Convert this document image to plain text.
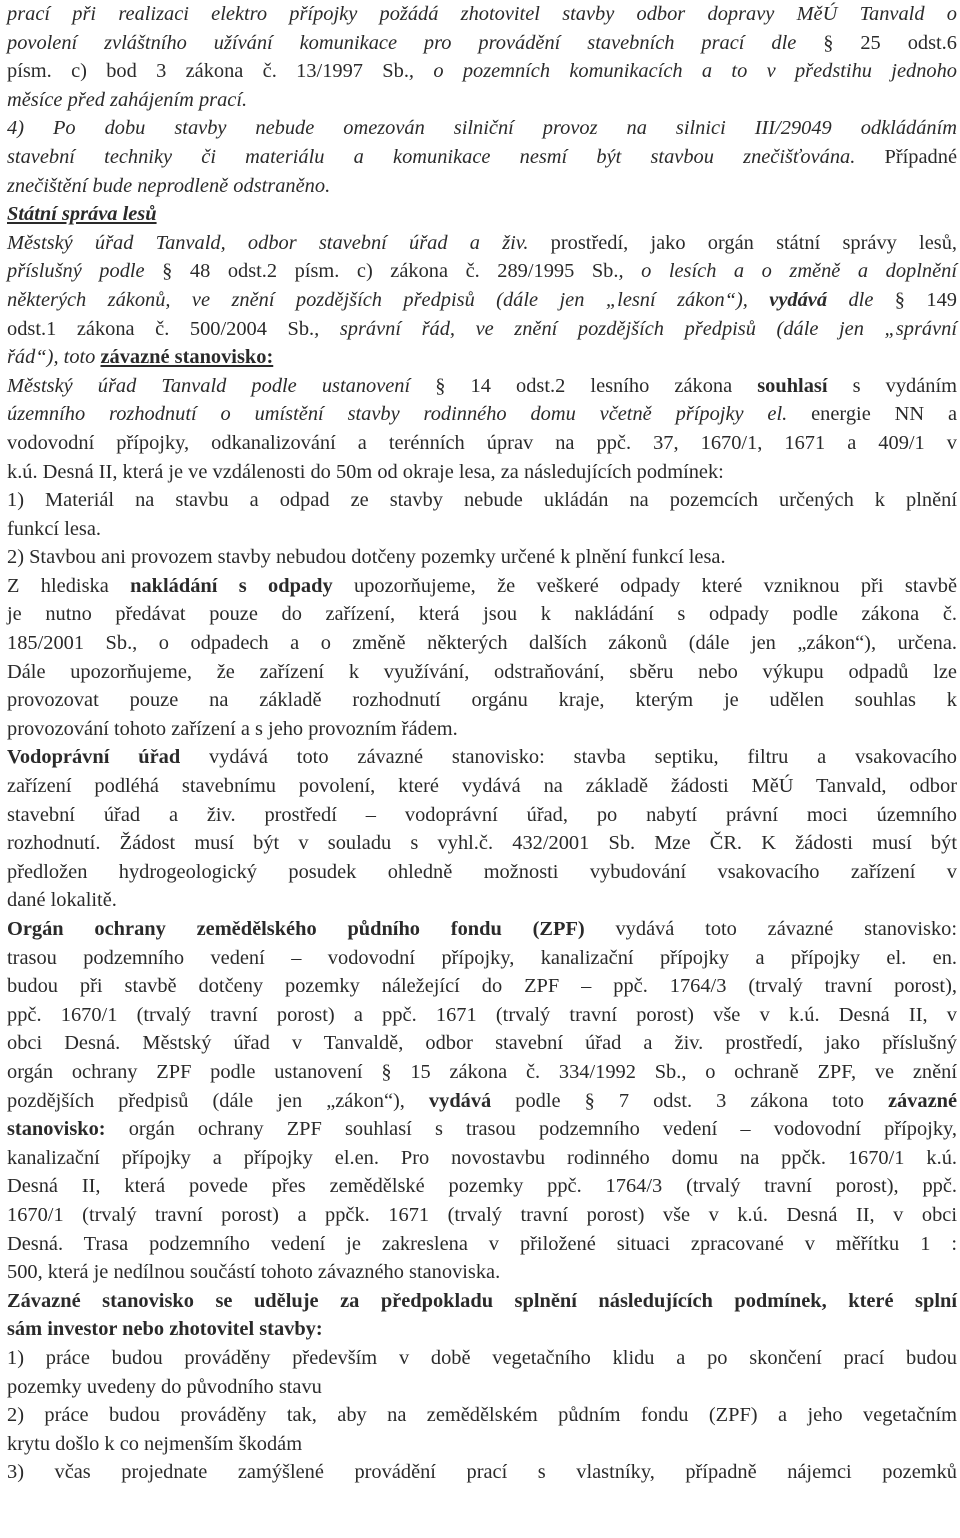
prací při realizaci elektro přípojky požádá zhotovitel stavby odbor dopravy MěÚ Tanvald o
povolení zvláštního užívání komunikace pro provádění stavebních prací dle § 25 odst.6
písm. c) bod 3 zákona č. 13/1997 Sb., o pozemních komunikacích a to v předstihu jednoho
měsíce před zahájením prací.
4) Po dobu stavby nebude omezován silniční provoz na silnici III/29049 odkládáním
stavební techniky či materiálu a komunikace nesmí být stavbou znečišťována. Případné
znečištění bude neprodleně odstraněno.
Státní správa lesů
Městský úřad Tanvald, odbor stavební úřad a živ. prostředí, jako orgán státní správy lesů,
příslušný podle § 48 odst.2 písm. c) zákona č. 289/1995 Sb., o lesích a o změně a doplnění
některých zákonů, ve znění pozdějších předpisů (dále jen „lesní zákon“), vydává dle § 149
odst.1 zákona č. 500/2004 Sb., správní řád, ve znění pozdějších předpisů (dále jen „správní
řád“), toto závazné stanovisko:
Městský úřad Tanvald podle ustanovení § 14 odst.2 lesního zákona souhlasí s vydáním
územního rozhodnutí o umístění stavby rodinného domu včetně přípojky el. energie NN a
vodovodní přípojky, odkanalizování a terénních úprav na ppč. 37, 1670/1, 1671 a 409/1 v
k.ú. Desná II, která je ve vzdálenosti do 50m od okraje lesa, za následujících podmínek:
1) Materiál na stavbu a odpad ze stavby nebude ukládán na pozemcích určených k plnění
funkcí lesa.
2) Stavbou ani provozem stavby nebudou dotčeny pozemky určené k plnění funkcí lesa.
Z hlediska nakládání s odpady upozorňujeme, že veškeré odpady které vzniknou při stavbě
je nutno předávat pouze do zařízení, která jsou k nakládání s odpady podle zákona č.
185/2001 Sb., o odpadech a o změně některých dalších zákonů (dále jen „zákon“), určena.
Dále upozorňujeme, že zařízení k využívání, odstraňování, sběru nebo výkupu odpadů lze
provozovat pouze na základě rozhodnutí orgánu kraje, kterým je udělen souhlas k
provozování tohoto zařízení a s jeho provozním řádem.
Vodoprávní úřad vydává toto závazné stanovisko: stavba septiku, filtru a vsakovacího
zařízení podléhá stavebnímu povolení, které vydává na základě žádosti MěÚ Tanvald, odbor
stavební úřad a živ. prostředí – vodoprávní úřad, po nabytí právní moci územního
rozhodnutí. Žádost musí být v souladu s vyhl.č. 432/2001 Sb. Mze ČR. K žádosti musí být
předložen hydrogeologický posudek ohledně možnosti vybudování vsakovacího zařízení v
dané lokalitě.
Orgán ochrany zemědělského půdního fondu (ZPF) vydává toto závazné stanovisko:
trasou podzemního vedení – vodovodní přípojky, kanalizační přípojky a přípojky el. en.
budou při stavbě dotčeny pozemky náležející do ZPF – ppč. 1764/3 (trvalý travní porost),
ppč. 1670/1 (trvalý travní porost) a ppč. 1671 (trvalý travní porost) vše v k.ú. Desná II, v
obci Desná. Městský úřad v Tanvaldě, odbor stavební úřad a živ. prostředí, jako příslušný
orgán ochrany ZPF podle ustanovení § 15 zákona č. 334/1992 Sb., o ochraně ZPF, ve znění
pozdějších předpisů (dále jen „zákon“), vydává podle § 7 odst. 3 zákona toto závazné
stanovisko: orgán ochrany ZPF souhlasí s trasou podzemního vedení – vodovodní přípojky,
kanalizační přípojky a přípojky el.en. Pro novostavbu rodinného domu na ppčk. 1670/1 k.ú.
Desná II, která povede přes zemědělské pozemky ppč. 1764/3 (trvalý travní porost), ppč.
1670/1 (trvalý travní porost) a ppčk. 1671 (trvalý travní porost) vše v k.ú. Desná II, v obci
Desná. Trasa podzemního vedení je zakreslena v přiložené situaci zpracované v měřítku 1 :
500, která je nedílnou součástí tohoto závazného stanoviska.
Závazné stanovisko se uděluje za předpokladu splnění následujících podmínek, které splní
sám investor nebo zhotovitel stavby:
1) práce budou prováděny především v době vegetačního klidu a po skončení prací budou
pozemky uvedeny do původního stavu
2) práce budou prováděny tak, aby na zemědělském půdním fondu (ZPF) a jeho vegetačním
krytu došlo k co nejmenším škodám
3) včas projednate zamýšlené provádění prací s vlastníky, případně nájemci pozemků
